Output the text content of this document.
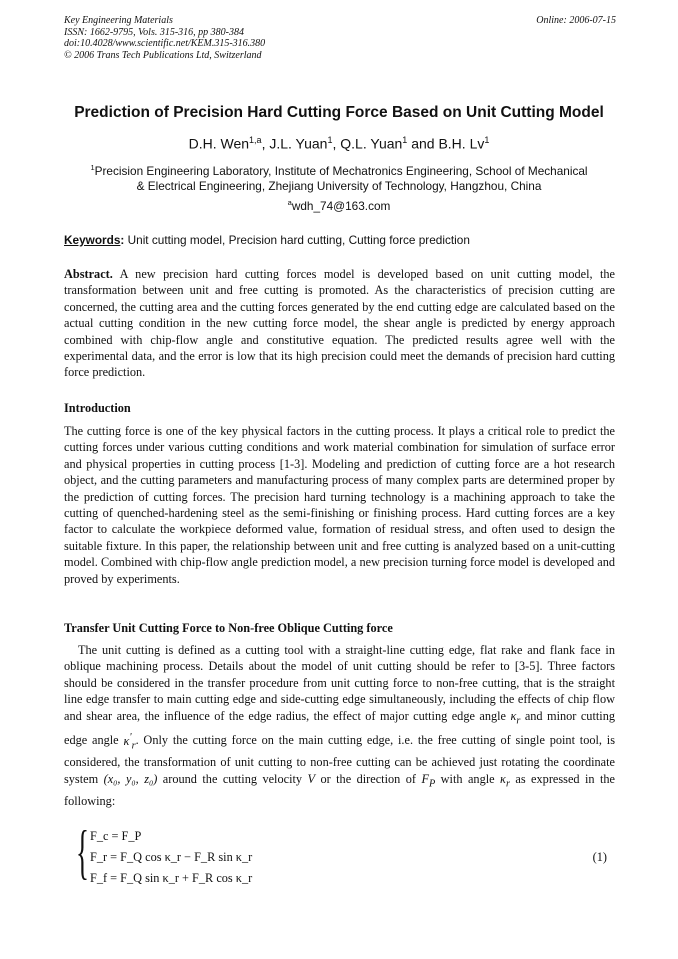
Key Engineering Materials
ISSN: 1662-9795, Vols. 315-316, pp 380-384
doi:10.4028/www.scientific.net/KEM.315-316.380
© 2006 Trans Tech Publications Ltd, Switzerland
Online: 2006-07-15
Prediction of Precision Hard Cutting Force Based on Unit Cutting Model
D.H. Wen$^{1,a}$, J.L. Yuan$^1$, Q.L. Yuan$^1$ and B.H. Lv$^1$
$^1$Precision Engineering Laboratory, Institute of Mechatronics Engineering, School of Mechanical
& Electrical Engineering, Zhejiang University of Technology, Hangzhou, China
$^a$wdh_74@163.com
Keywords: Unit cutting model, Precision hard cutting, Cutting force prediction
Abstract. A new precision hard cutting forces model is developed based on unit cutting model, the transformation between unit and free cutting is promoted. As the characteristics of precision cutting are concerned, the cutting area and the cutting forces generated by the end cutting edge are calculated based on the actual cutting condition in the new cutting force model, the shear angle is predicted by energy approach combined with chip-flow angle and constitutive equation. The predicted results agree well with the experimental data, and the error is low that its high precision could meet the demands of precision hard cutting force prediction.
Introduction
The cutting force is one of the key physical factors in the cutting process. It plays a critical role to predict the cutting forces under various cutting conditions and work material combination for simulation of surface error and physical properties in cutting process [1-3]. Modeling and prediction of cutting force are a hot research object, and the cutting parameters and manufacturing process of many complex parts are determined proper by the prediction of cutting forces. The precision hard turning technology is a machining approach to take the cutting of quenched-hardening steel as the semi-finishing or finishing process. Hard cutting forces are a key factor to calculate the workpiece deformed value, formation of residual stress, and often used to design the suitable fixture. In this paper, the relationship between unit and free cutting is analyzed based on a unit-cutting model. Combined with chip-flow angle prediction model, a new precision turning force model is developed and proved by experiments.
Transfer Unit Cutting Force to Non-free Oblique Cutting force
The unit cutting is defined as a cutting tool with a straight-line cutting edge, flat rake and flank face in oblique machining process. Details about the model of unit cutting should be refer to [3-5]. Three factors should be considered in the transfer procedure from unit cutting force to non-free cutting, that is the straight line edge transfer to main cutting edge and side-cutting edge simultaneously, including the effects of chip flow and shear area, the influence of the edge radius, the effect of major cutting edge angle $\kappa_r$ and minor cutting edge angle $\kappa'_r$. Only the cutting force on the main cutting edge, i.e. the free cutting of single point tool, is considered, the transformation of unit cutting to non-free cutting can be achieved just rotating the coordinate system (x₀, y₀, z₀) around the cutting velocity V or the direction of $F_P$ with angle $\kappa_r$ as expressed in the following:
{ F_c = F_P
F_r = F_Q cos κ_r − F_R sin κ_r
F_f = F_Q sin κ_r + F_R cos κ_r
(1)
